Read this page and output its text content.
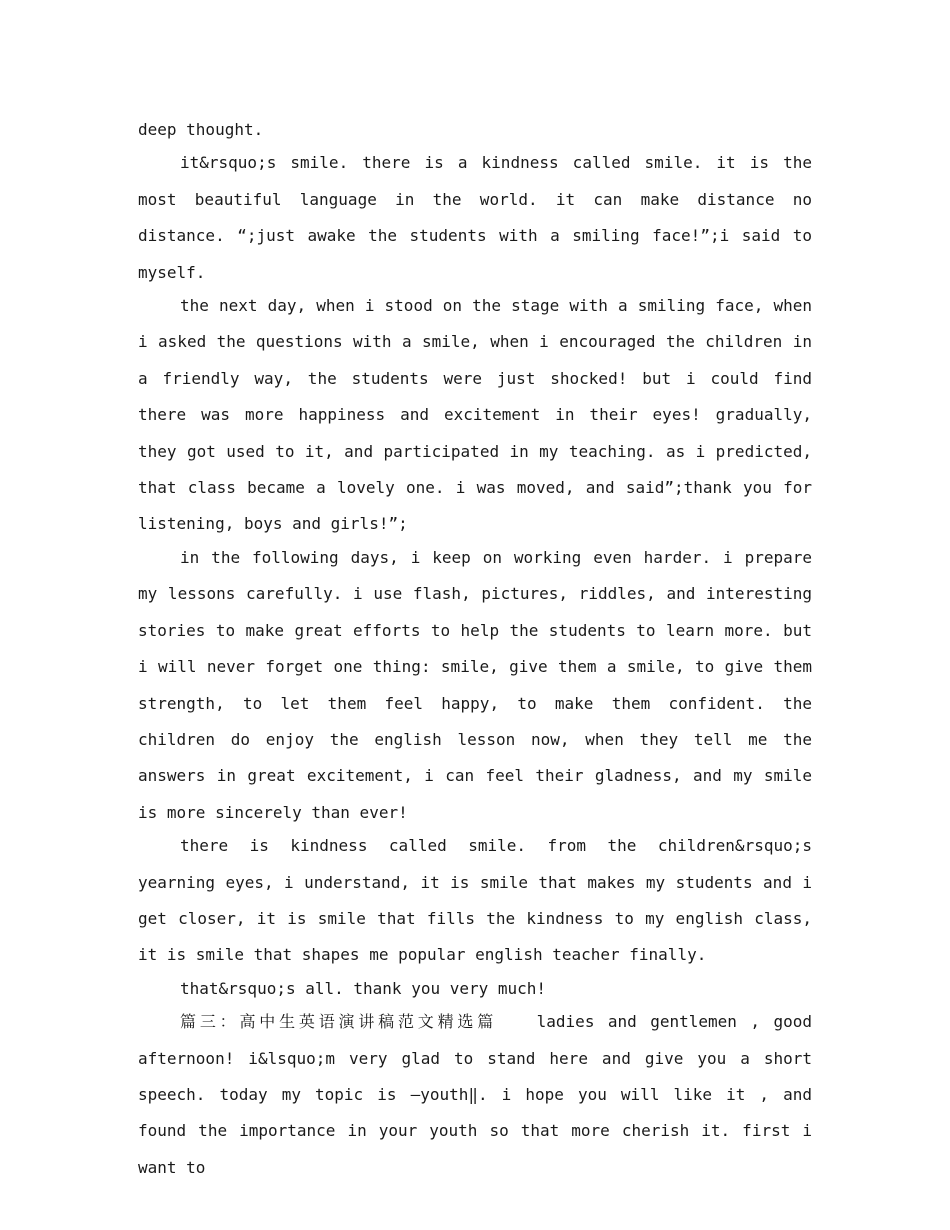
deep thought.

it&rsquo;s smile. there is a kindness called smile. it is the most beautiful language in the world. it can make distance no distance. “;just awake the students with a smiling face!”;i said to myself.

the next day, when i stood on the stage with a smiling face, when i asked the questions with a smile, when i encouraged the children in a friendly way, the students were just shocked! but i could find there was more happiness and excitement in their eyes! gradually, they got used to it, and participated in my teaching. as i predicted, that class became a lovely one. i was moved, and said”;thank you for listening, boys and girls!”;

in the following days, i keep on working even harder. i prepare my lessons carefully. i use flash, pictures, riddles, and interesting stories to make great efforts to help the students to learn more. but i will never forget one thing: smile, give them a smile, to give them strength, to let them feel happy, to make them confident. the children do enjoy the english lesson now, when they tell me the answers in great excitement, i can feel their gladness, and my smile is more sincerely than ever!

there is kindness called smile. from the children&rsquo;s yearning eyes, i understand, it is smile that makes my students and i get closer, it is smile that fills the kindness to my english class, it is smile that shapes me popular english teacher finally.

that&rsquo;s all. thank you very much!

篇三：高中生英语演讲稿范文精选篇　　ladies and gentlemen , good afternoon! i&lsquo;m very glad to stand here and give you a short speech. today my topic is ―youth‖. i hope you will like it , and found the importance in your youth so that more cherish it. first i want to
